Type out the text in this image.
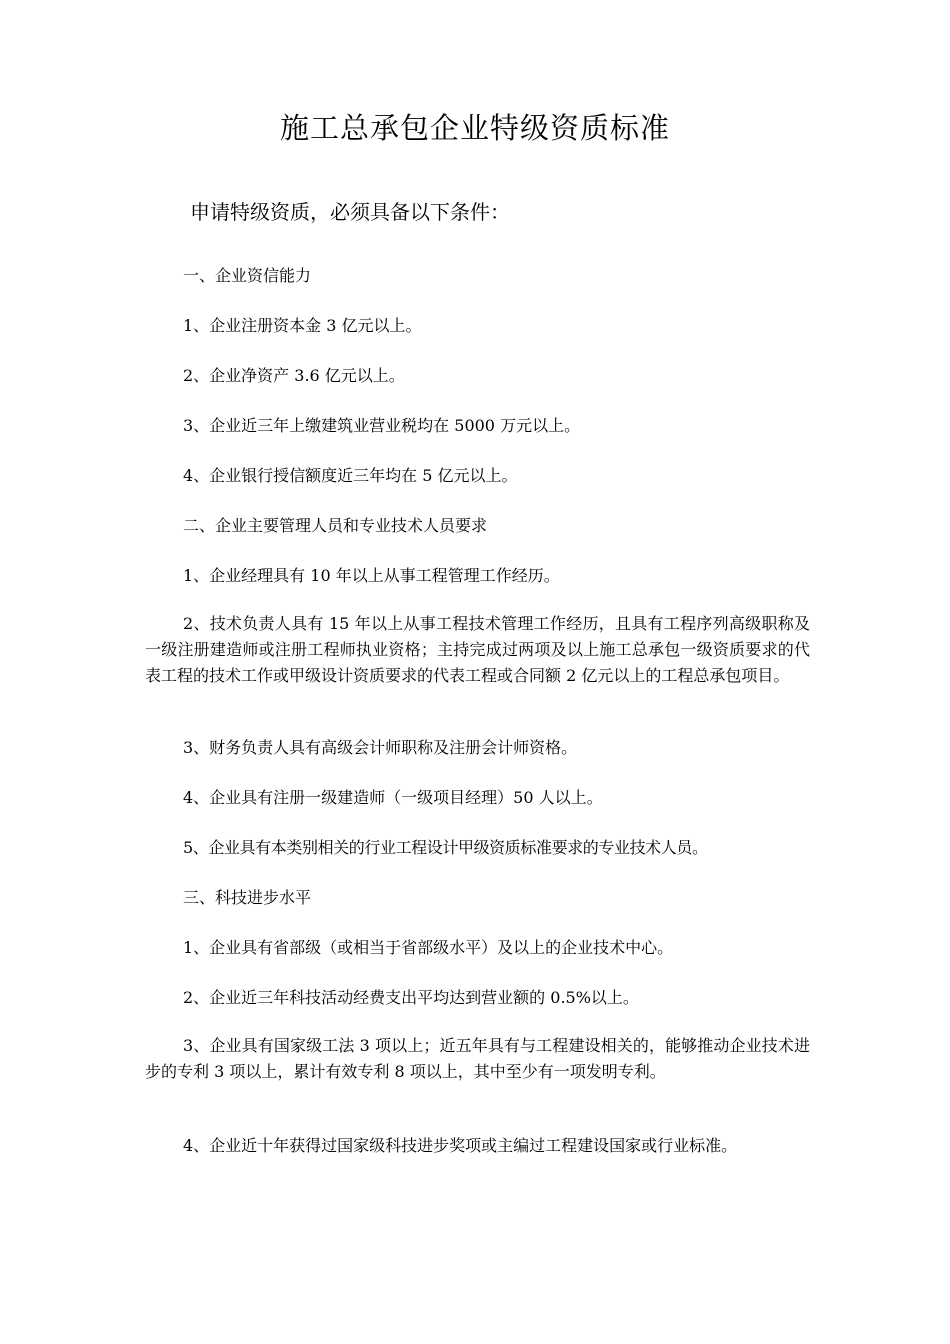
施工总承包企业特级资质标准

申请特级资质，必须具备以下条件：

一、企业资信能力

1、企业注册资本金 3 亿元以上。

2、企业净资产 3.6 亿元以上。

3、企业近三年上缴建筑业营业税均在 5000 万元以上。

4、企业银行授信额度近三年均在 5 亿元以上。

二、企业主要管理人员和专业技术人员要求

1、企业经理具有 10 年以上从事工程管理工作经历。

2、技术负责人具有 15 年以上从事工程技术管理工作经历，且具有工程序列高级职称及一级注册建造师或注册工程师执业资格；主持完成过两项及以上施工总承包一级资质要求的代表工程的技术工作或甲级设计资质要求的代表工程或合同额 2 亿元以上的工程总承包项目。

3、财务负责人具有高级会计师职称及注册会计师资格。

4、企业具有注册一级建造师（一级项目经理）50 人以上。

5、企业具有本类别相关的行业工程设计甲级资质标准要求的专业技术人员。

三、科技进步水平

1、企业具有省部级（或相当于省部级水平）及以上的企业技术中心。

2、企业近三年科技活动经费支出平均达到营业额的 0.5%以上。

3、企业具有国家级工法 3 项以上；近五年具有与工程建设相关的，能够推动企业技术进步的专利 3 项以上，累计有效专利 8 项以上，其中至少有一项发明专利。

4、企业近十年获得过国家级科技进步奖项或主编过工程建设国家或行业标准。
